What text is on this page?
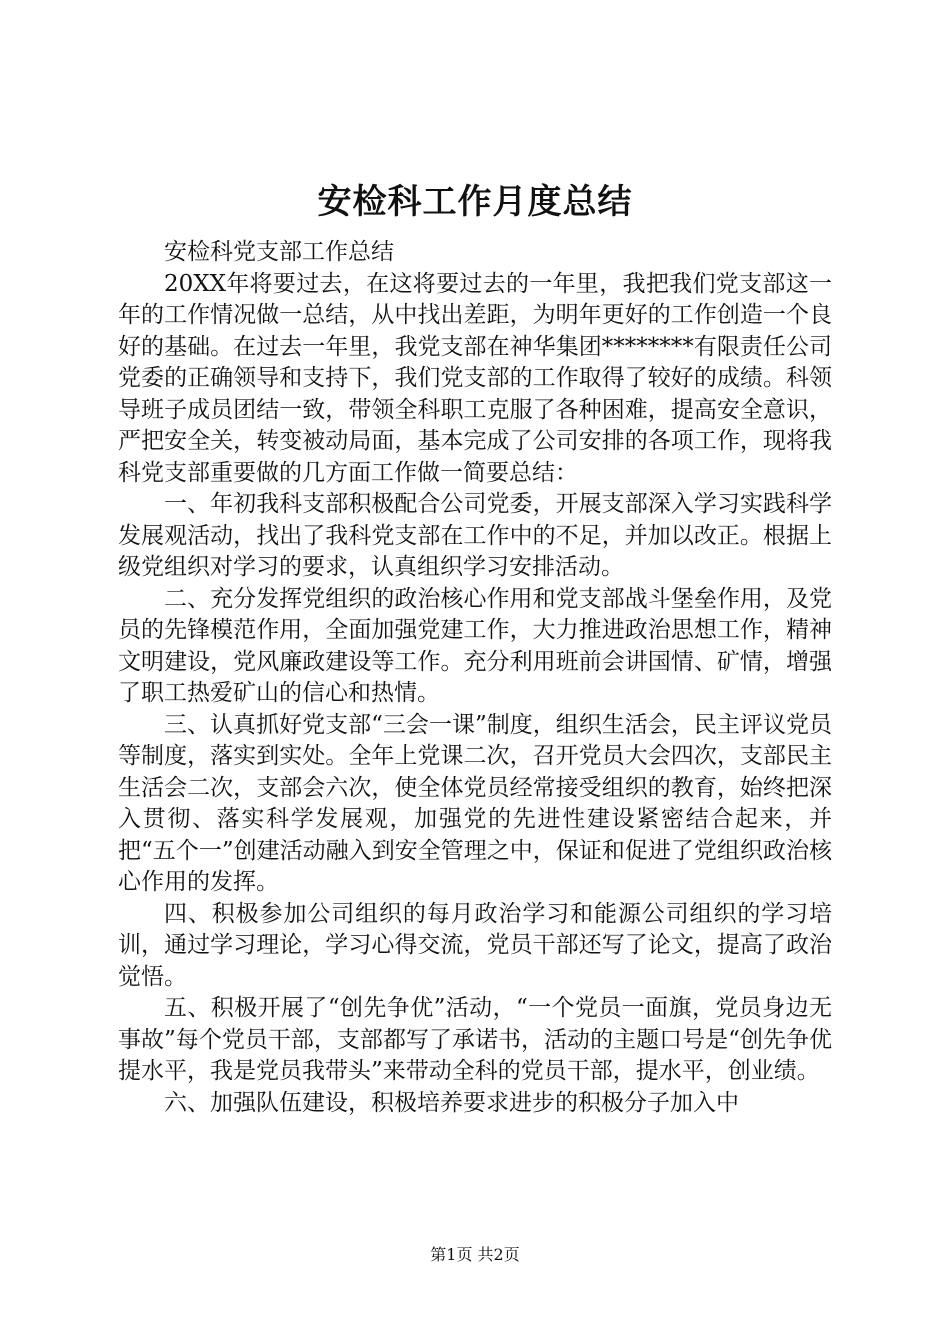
安检科工作月度总结

安检科党支部工作总结

20XX年将要过去，在这将要过去的一年里，我把我们党支部这一年的工作情况做一总结，从中找出差距，为明年更好的工作创造一个良好的基础。在过去一年里，我党支部在神华集团********有限责任公司党委的正确领导和支持下，我们党支部的工作取得了较好的成绩。科领导班子成员团结一致，带领全科职工克服了各种困难，提高安全意识，严把安全关，转变被动局面，基本完成了公司安排的各项工作，现将我科党支部重要做的几方面工作做一简要总结：

一、年初我科支部积极配合公司党委，开展支部深入学习实践科学发展观活动，找出了我科党支部在工作中的不足，并加以改正。根据上级党组织对学习的要求，认真组织学习安排活动。

二、充分发挥党组织的政治核心作用和党支部战斗堡垒作用，及党员的先锋模范作用，全面加强党建工作，大力推进政治思想工作，精神文明建设，党风廉政建设等工作。充分利用班前会讲国情、矿情，增强了职工热爱矿山的信心和热情。

三、认真抓好党支部“三会一课”制度，组织生活会，民主评议党员等制度，落实到实处。全年上党课二次，召开党员大会四次，支部民主生活会二次，支部会六次，使全体党员经常接受组织的教育，始终把深入贯彻、落实科学发展观，加强党的先进性建设紧密结合起来，并把“五个一”创建活动融入到安全管理之中，保证和促进了党组织政治核心作用的发挥。

四、积极参加公司组织的每月政治学习和能源公司组织的学习培训，通过学习理论，学习心得交流，党员干部还写了论文，提高了政治觉悟。

五、积极开展了“创先争优”活动，“一个党员一面旗，党员身边无事故”每个党员干部，支部都写了承诺书，活动的主题口号是“创先争优提水平，我是党员我带头”来带动全科的党员干部，提水平，创业绩。

六、加强队伍建设，积极培养要求进步的积极分子加入中

第1页 共2页
